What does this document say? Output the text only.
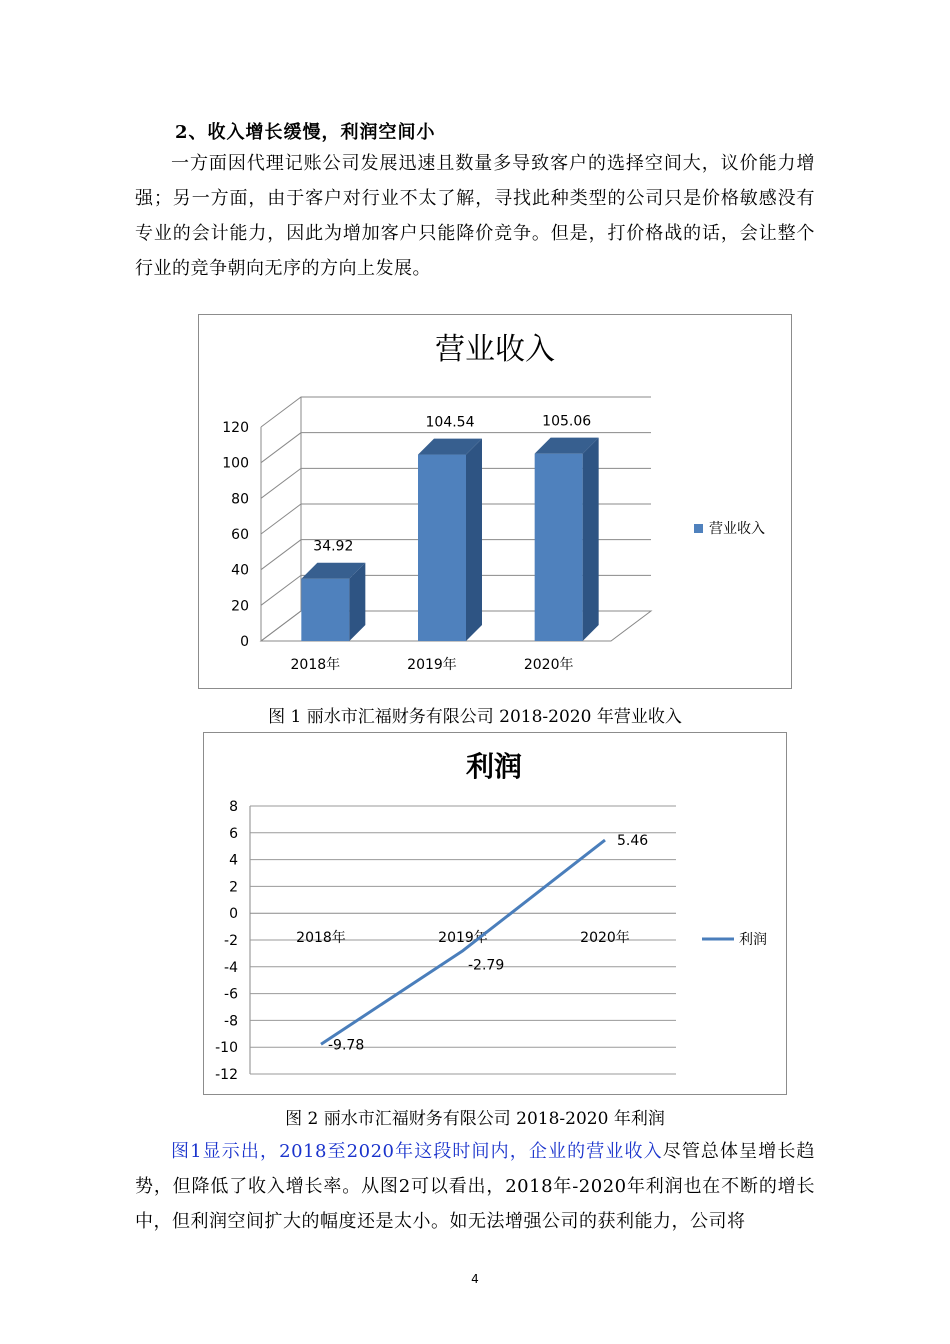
2、收入增长缓慢，利润空间小

一方面因代理记账公司发展迅速且数量多导致客户的选择空间大，议价能力增强；另一方面，由于客户对行业不太了解，寻找此种类型的公司只是价格敏感没有专业的会计能力，因此为增加客户只能降价竞争。但是，打价格战的话，会让整个行业的竞争朝向无序的方向上发展。

营业收入
0
20
40
60
80
100
120
2018年	2019年	2020年
34.92
104.54	105.06
营业收入
图 1 丽水市汇福财务有限公司 2018-2020 年营业收入
利润
8
6
4
2
0
-2
-4
-6
-8
-10
-12
2018年	2019年	2020年
-9.78
-2.79
5.46
利润
图 2 丽水市汇福财务有限公司 2018-2020 年利润

图1显示出，2018至2020年这段时间内，企业的营业收入尽管总体呈增长趋势，但降低了收入增长率。从图2可以看出，2018年-2020年利润也在不断的增长中，但利润空间扩大的幅度还是太小。如无法增强公司的获利能力，公司将

4
